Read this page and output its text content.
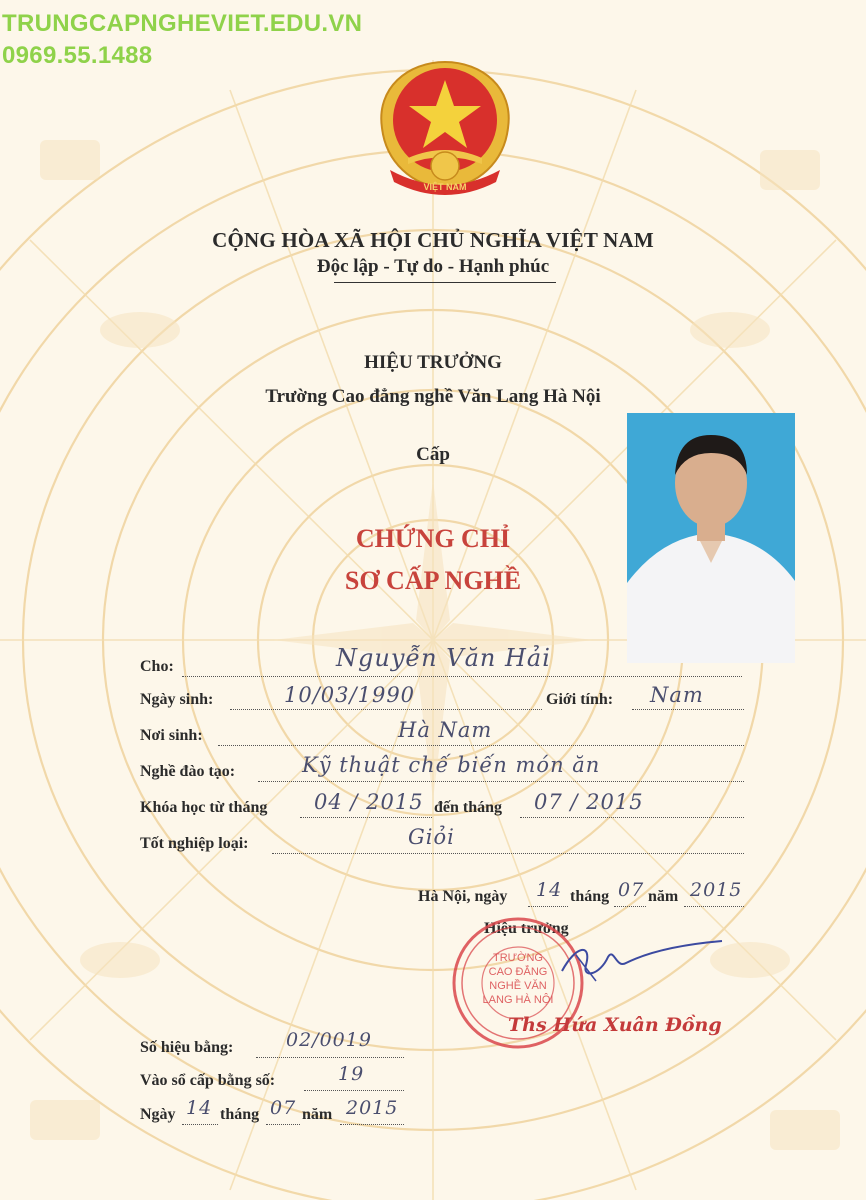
TRUNGCAPNGHEVIET.EDU.VN
0969.55.1488
VIỆT NAM
CỘNG HÒA XÃ HỘI CHỦ NGHĨA VIỆT NAM
Độc lập - Tự do - Hạnh phúc
HIỆU TRƯỞNG
Trường Cao đẳng nghề Văn Lang Hà Nội
Cấp
CHỨNG CHỈ
SƠ CẤP NGHỀ
Cho:	Nguyễn Văn Hải
Ngày sinh:	10/03/1990	Giới tính: Nam
Nơi sinh:	Hà Nam
Nghề đào tạo:	Kỹ thuật chế biến món ăn
Khóa học từ tháng 04 / 2015 đến tháng 07 / 2015
Tốt nghiệp loại:	Giỏi
Hà Nội, ngày 14 tháng 07 năm 2015
Hiệu trưởng
TRƯỜNG CAO ĐẲNG NGHỀ VĂN LANG HÀ NỘI
Ths Hứa Xuân Đồng
Số hiệu bằng:	02/0019
Vào sổ cấp bằng số:	19
Ngày 14 tháng 07 năm 2015
